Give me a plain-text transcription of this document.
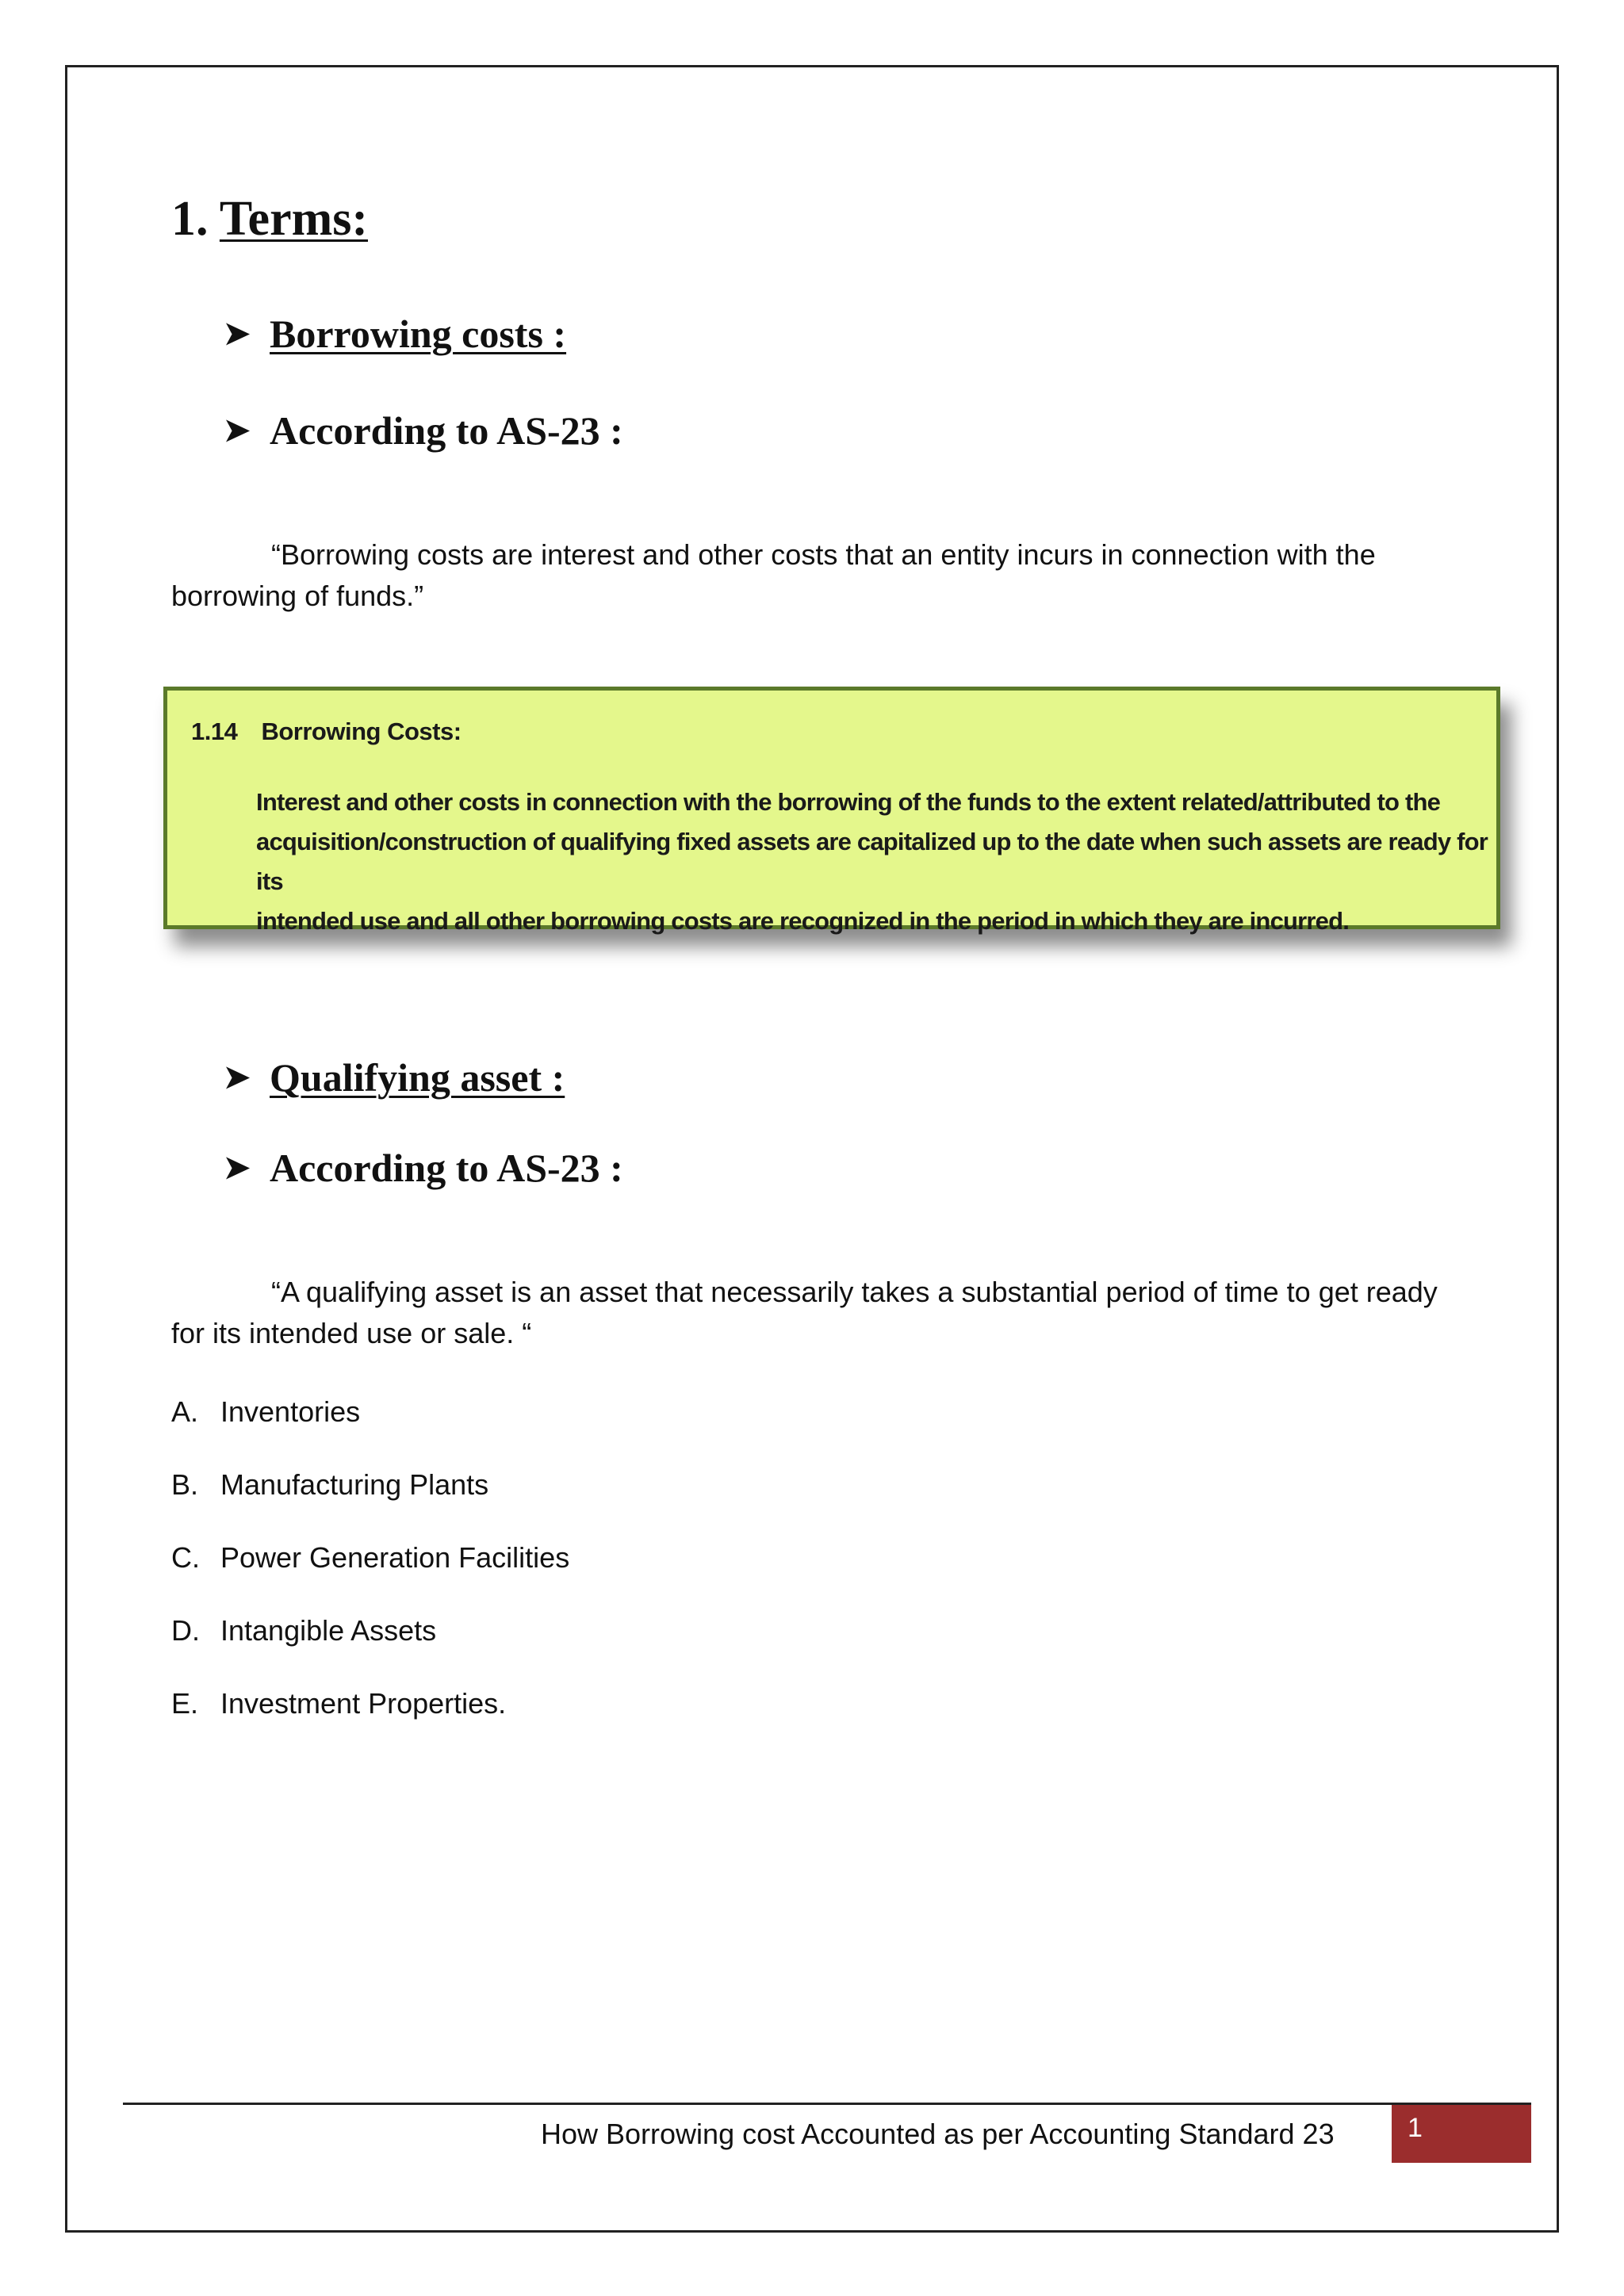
1. Terms:
➤ Borrowing costs :
➤ According to AS-23 :
“Borrowing costs are interest and other costs that an entity incurs in connection with the
borrowing of funds.”
1.14 Borrowing Costs:
Interest and other costs in connection with the borrowing of the funds to the extent related/attributed to the
acquisition/construction of qualifying fixed assets are capitalized up to the date when such assets are ready for its
intended use and all other borrowing costs are recognized in the period in which they are incurred.
➤ Qualifying asset :
➤ According to AS-23 :
“A qualifying asset is an asset that necessarily takes a substantial period of time to get ready
for its intended use or sale. “
A. Inventories
B. Manufacturing Plants
C. Power Generation Facilities
D. Intangible Assets
E. Investment Properties.
How Borrowing cost Accounted as per Accounting Standard 23	1
